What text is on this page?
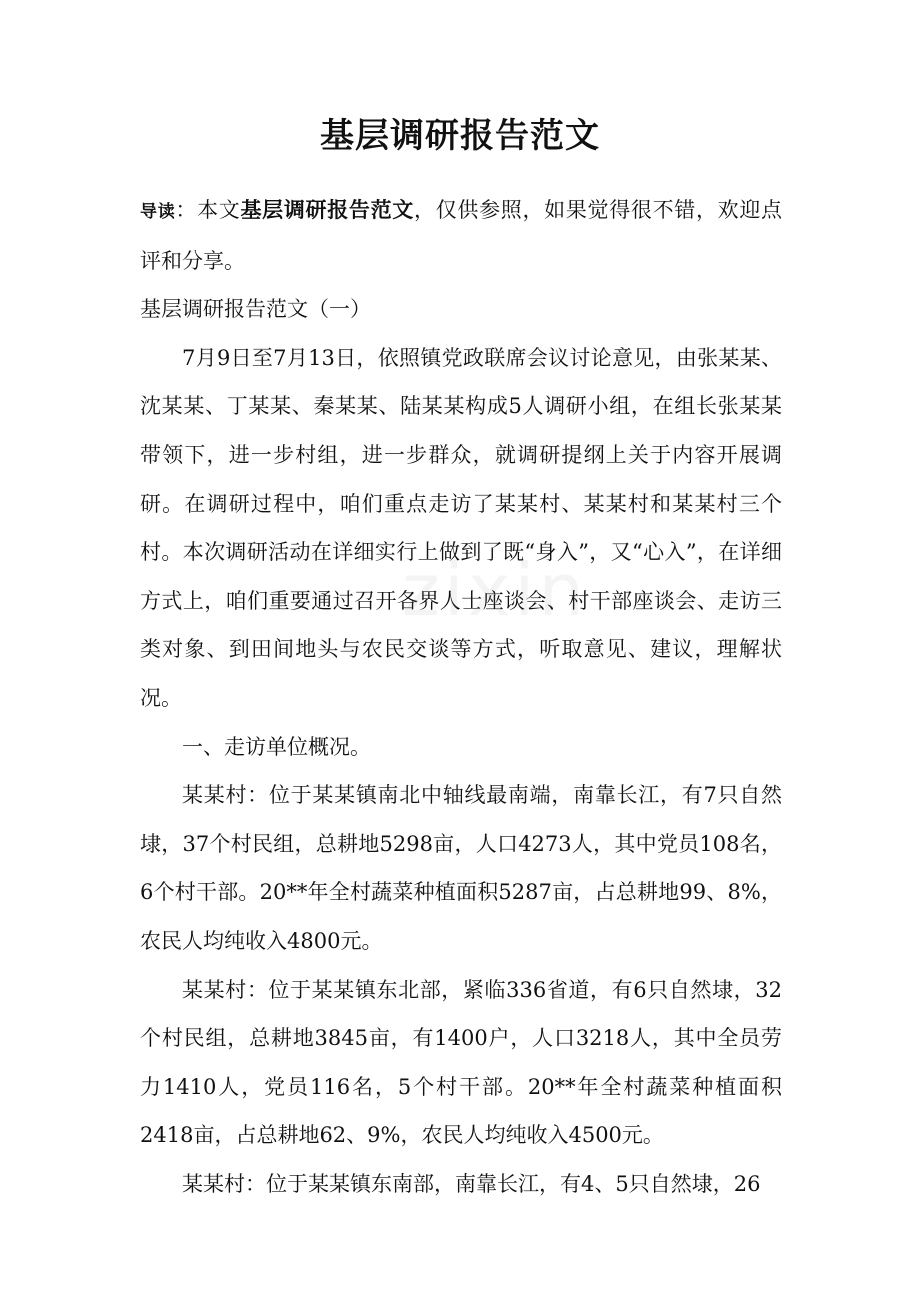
基层调研报告范文

导读：本文基层调研报告范文，仅供参照，如果觉得很不错，欢迎点评和分享。

基层调研报告范文（一）

7月9日至7月13日，依照镇党政联席会议讨论意见，由张某某、沈某某、丁某某、秦某某、陆某某构成5人调研小组，在组长张某某带领下，进一步村组，进一步群众，就调研提纲上关于内容开展调研。在调研过程中，咱们重点走访了某某村、某某村和某某村三个村。本次调研活动在详细实行上做到了既“身入”，又“心入”，在详细方式上，咱们重要通过召开各界人士座谈会、村干部座谈会、走访三类对象、到田间地头与农民交谈等方式，听取意见、建议，理解状况。

一、走访单位概况。

某某村：位于某某镇南北中轴线最南端，南靠长江，有7只自然埭，37个村民组，总耕地5298亩，人口4273人，其中党员108名，6个村干部。20**年全村蔬菜种植面积5287亩，占总耕地99、8%，农民人均纯收入4800元。

某某村：位于某某镇东北部，紧临336省道，有6只自然埭，32个村民组，总耕地3845亩，有1400户，人口3218人，其中全员劳力1410人，党员116名，5个村干部。20**年全村蔬菜种植面积2418亩，占总耕地62、9%，农民人均纯收入4500元。

某某村：位于某某镇东南部，南靠长江，有4、5只自然埭，26

zixin
